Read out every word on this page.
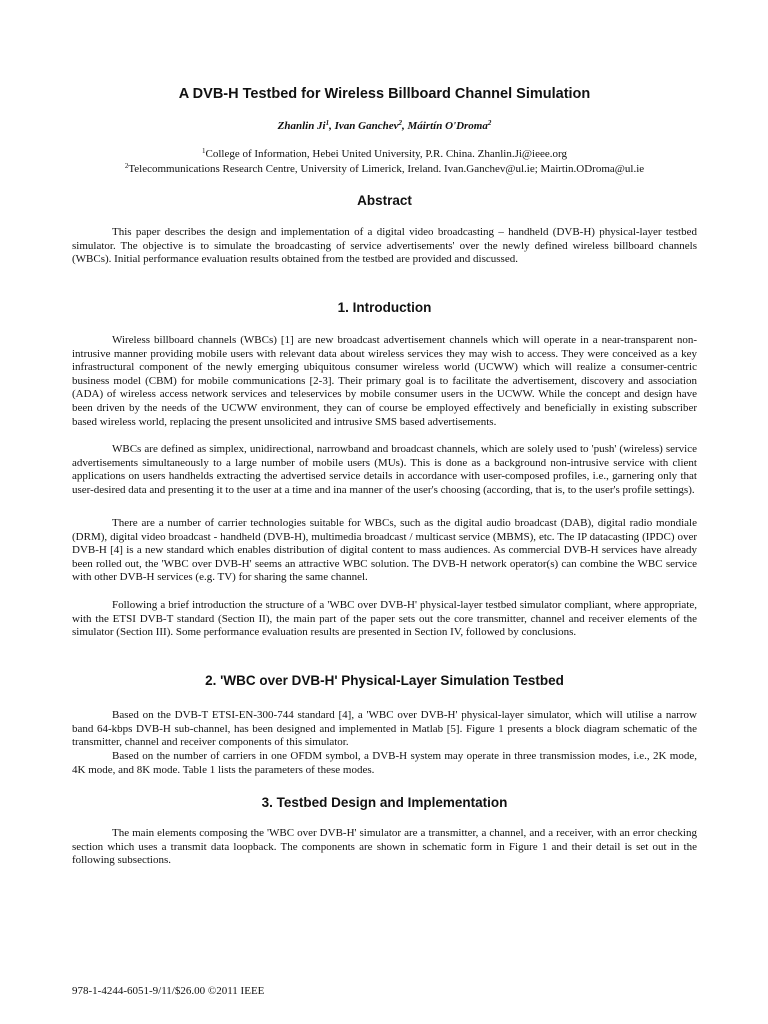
A DVB-H Testbed for Wireless Billboard Channel Simulation
Zhanlin Ji$^1$, Ivan Ganchev$^2$, Máirtín O'Droma$^2$
$^1$College of Information, Hebei United University, P.R. China. Zhanlin.Ji@ieee.org
$^2$Telecommunications Research Centre, University of Limerick, Ireland. Ivan.Ganchev@ul.ie; Mairtin.ODroma@ul.ie
Abstract

This paper describes the design and implementation of a digital video broadcasting – handheld (DVB-H) physical-layer testbed simulator. The objective is to simulate the broadcasting of service advertisements' over the newly defined wireless billboard channels (WBCs). Initial performance evaluation results obtained from the testbed are provided and discussed.

1. Introduction

Wireless billboard channels (WBCs) [1] are new broadcast advertisement channels which will operate in a near-transparent non-intrusive manner providing mobile users with relevant data about wireless services they may wish to access. They were conceived as a key infrastructural component of the newly emerging ubiquitous consumer wireless world (UCWW) which will realize a consumer-centric business model (CBM) for mobile communications [2-3]. Their primary goal is to facilitate the advertisement, discovery and association (ADA) of wireless access network services and teleservices by mobile consumer users in the UCWW. While the concept and design have been driven by the needs of the UCWW environment, they can of course be employed effectively and beneficially in existing subscriber based wireless world, replacing the present unsolicited and intrusive SMS based advertisements.

WBCs are defined as simplex, unidirectional, narrowband and broadcast channels, which are solely used to 'push' (wireless) service advertisements simultaneously to a large number of mobile users (MUs). This is done as a background non-intrusive service with client applications on users handhelds extracting the advertised service details in accordance with user-composed profiles, i.e., garnering only that user-desired data and presenting it to the user at a time and ina manner of the user's choosing (according, that is, to the user's profile settings).

There are a number of carrier technologies suitable for WBCs, such as the digital audio broadcast (DAB), digital radio mondiale (DRM), digital video broadcast - handheld (DVB-H), multimedia broadcast / multicast service (MBMS), etc. The IP datacasting (IPDC) over DVB-H [4] is a new standard which enables distribution of digital content to mass audiences. As commercial DVB-H services have already been rolled out, the 'WBC over DVB-H' seems an attractive WBC solution. The DVB-H network operator(s) can combine the WBC service with other DVB-H services (e.g. TV) for sharing the same channel.

Following a brief introduction the structure of a 'WBC over DVB-H' physical-layer testbed simulator compliant, where appropriate, with the ETSI DVB-T standard (Section II), the main part of the paper sets out the core transmitter, channel and receiver elements of the simulator (Section III). Some performance evaluation results are presented in Section IV, followed by conclusions.

2. 'WBC over DVB-H' Physical-Layer Simulation Testbed

Based on the DVB-T ETSI-EN-300-744 standard [4], a 'WBC over DVB-H' physical-layer simulator, which will utilise a narrow band 64-kbps DVB-H sub-channel, has been designed and implemented in Matlab [5]. Figure 1 presents a block diagram schematic of the transmitter, channel and receiver components of this simulator.

Based on the number of carriers in one OFDM symbol, a DVB-H system may operate in three transmission modes, i.e., 2K mode, 4K mode, and 8K mode. Table 1 lists the parameters of these modes.

3. Testbed Design and Implementation

The main elements composing the 'WBC over DVB-H' simulator are a transmitter, a channel, and a receiver, with an error checking section which uses a transmit data loopback. The components are shown in schematic form in Figure 1 and their detail is set out in the following subsections.

978-1-4244-6051-9/11/$26.00 ©2011 IEEE
